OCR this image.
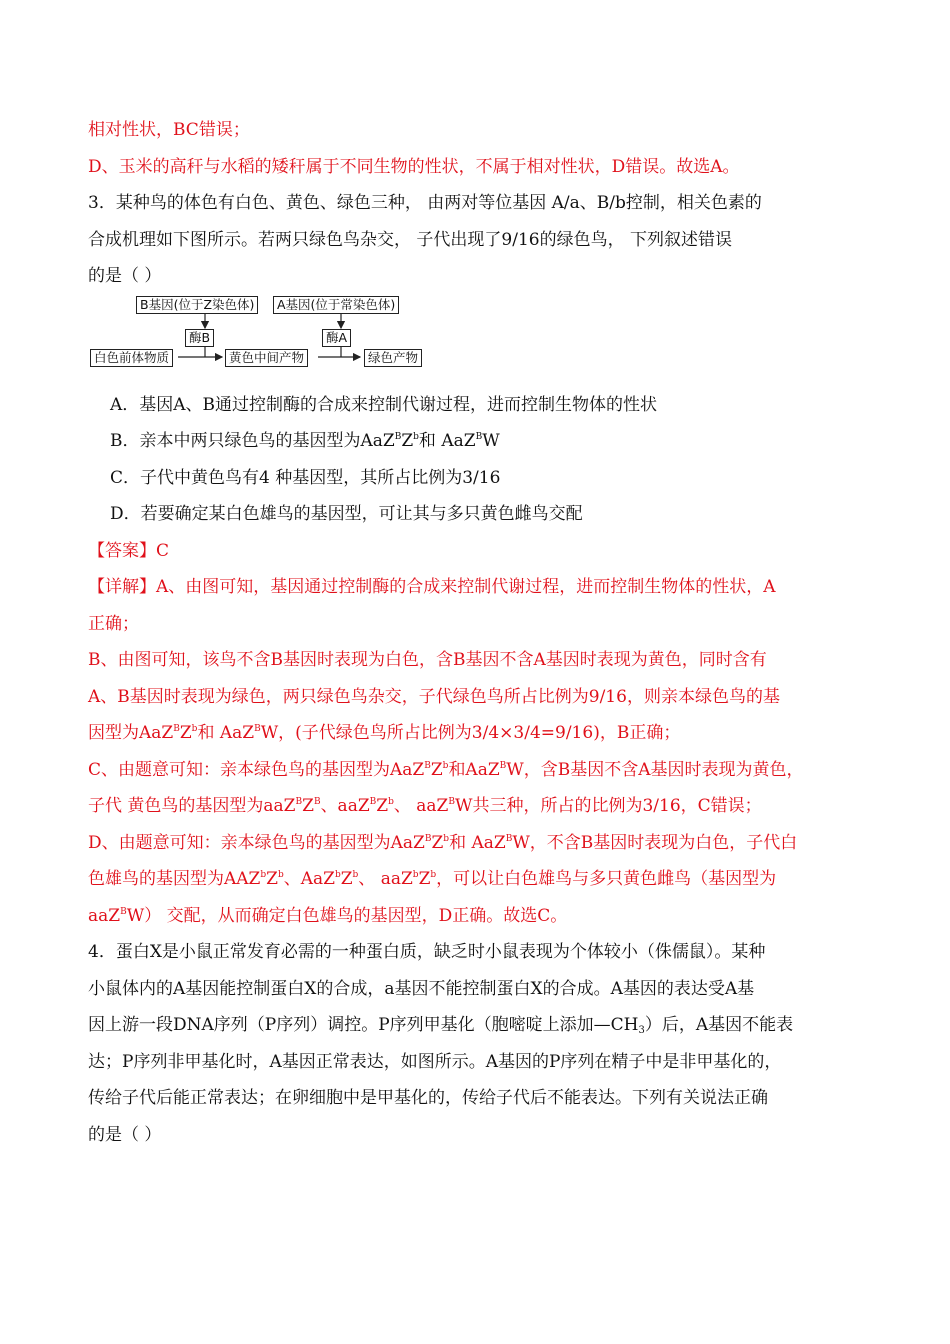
相对性状，BC错误；
D、玉米的高秆与水稻的矮秆属于不同生物的性状，不属于相对性状，D错误。故选A。
3．某种鸟的体色有白色、黄色、绿色三种， 由两对等位基因 A/a、B/b控制，相关色素的
合成机理如下图所示。若两只绿色鸟杂交， 子代出现了9/16的绿色鸟， 下列叙述错误
的是（ ）
B基因(位于Z染色体)	A基因(位于常染色体)
酶B	酶A
白色前体物质	黄色中间产物	绿色产物
A．基因A、B通过控制酶的合成来控制代谢过程，进而控制生物体的性状
B．亲本中两只绿色鸟的基因型为$AaZ^BZ^b$和 AaZ$^B$W
C．子代中黄色鸟有4 种基因型，其所占比例为3/16
D．若要确定某白色雄鸟的基因型，可让其与多只黄色雌鸟交配
【答案】C
【详解】A、由图可知，基因通过控制酶的合成来控制代谢过程，进而控制生物体的性状，A
正确；
B、由图可知，该鸟不含B基因时表现为白色，含B基因不含A基因时表现为黄色，同时含有
A、B基因时表现为绿色，两只绿色鸟杂交，子代绿色鸟所占比例为9/16，则亲本绿色鸟的基
因型为$AaZ^BZ^b$和 AaZ$^B$W，(子代绿色鸟所占比例为3/4×3/4=9/16)，B正确；
C、由题意可知：亲本绿色鸟的基因型为$AaZ^BZ^b$和AaZ$^B$W，含B基因不含A基因时表现为黄色，
子代 黄色鸟的基因型为$aaZ^BZ^B$、$aaZ^BZ^b$、 aaZ$^B$W共三种，所占的比例为3/16，C错误；
D、由题意可知：亲本绿色鸟的基因型为$AaZ^BZ^b$和 AaZ$^B$W，不含B基因时表现为白色，子代白
色雄鸟的基因型为$AAZ^bZ^b$、$AaZ^bZ^b$、 $aaZ^bZ^b$，可以让白色雄鸟与多只黄色雌鸟（基因型为
aaZ$^B$W） 交配，从而确定白色雄鸟的基因型，D正确。故选C。
4．蛋白X是小鼠正常发育必需的一种蛋白质，缺乏时小鼠表现为个体较小（侏儒鼠）。某种
小鼠体内的A基因能控制蛋白X的合成，a基因不能控制蛋白X的合成。A基因的表达受A基
因上游一段DNA序列（P序列）调控。P序列甲基化（胞嘧啶上添加$—CH_3$）后，A基因不能表
达；P序列非甲基化时，A基因正常表达，如图所示。A基因的P序列在精子中是非甲基化的，
传给子代后能正常表达；在卵细胞中是甲基化的，传给子代后不能表达。下列有关说法正确
的是（ ）
